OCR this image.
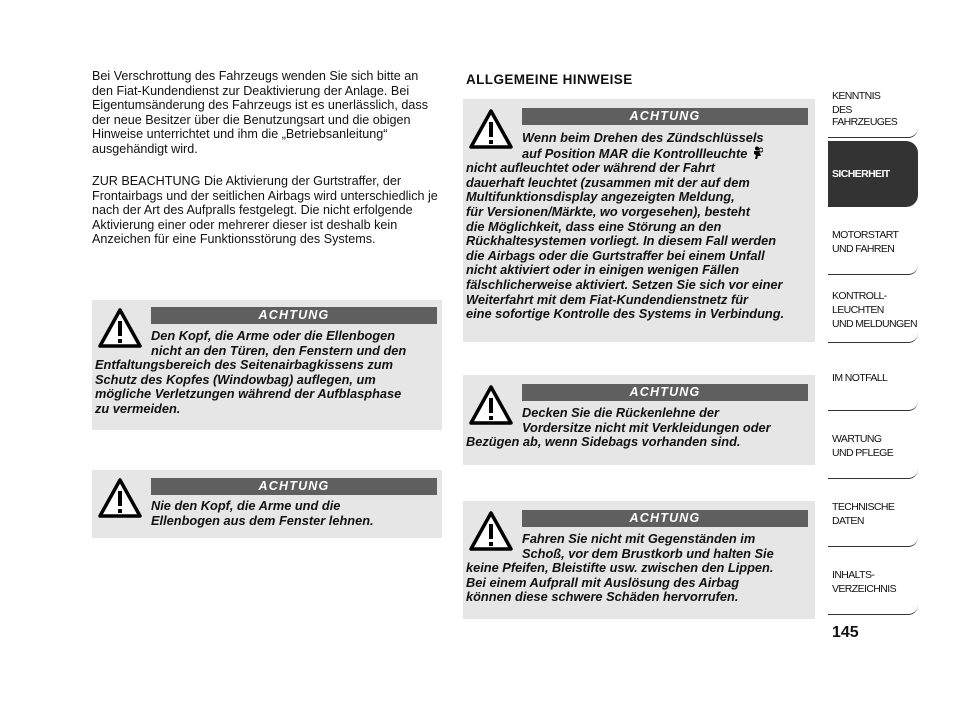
Bei Verschrottung des Fahrzeugs wenden Sie sich bitte an den Fiat-Kundendienst zur Deaktivierung der Anlage. Bei Eigentumsänderung des Fahrzeugs ist es unerlässlich, dass der neue Besitzer über die Benutzungsart und die obigen Hinweise unterrichtet und ihm die „Betriebsanleitung“ ausgehändigt wird.

ZUR BEACHTUNG Die Aktivierung der Gurtstraffer, der Frontairbags und der seitlichen Airbags wird unterschiedlich je nach der Art des Aufpralls festgelegt. Die nicht erfolgende Aktivierung einer oder mehrerer dieser ist deshalb kein Anzeichen für eine Funktionsstörung des Systems.

ACHTUNG

Den Kopf, die Arme oder die Ellenbogen
nicht an den Türen, den Fenstern und den
Entfaltungsbereich des Seitenairbagkissens zum
Schutz des Kopfes (Windowbag) auflegen, um
mögliche Verletzungen während der Aufblasphase
zu vermeiden.

ACHTUNG

Nie den Kopf, die Arme und die
Ellenbogen aus dem Fenster lehnen.

ALLGEMEINE HINWEISE
ACHTUNG

Wenn beim Drehen des Zündschlüssels
auf Position MAR die Kontrollleuchte
nicht aufleuchtet oder während der Fahrt
dauerhaft leuchtet (zusammen mit der auf dem
Multifunktionsdisplay angezeigten Meldung,
für Versionen/Märkte, wo vorgesehen), besteht
die Möglichkeit, dass eine Störung an den
Rückhaltesystemen vorliegt. In diesem Fall werden
die Airbags oder die Gurtstraffer bei einem Unfall
nicht aktiviert oder in einigen wenigen Fällen
fälschlicherweise aktiviert. Setzen Sie sich vor einer
Weiterfahrt mit dem Fiat-Kundendienstnetz für
eine sofortige Kontrolle des Systems in Verbindung.

ACHTUNG

Decken Sie die Rückenlehne der
Vordersitze nicht mit Verkleidungen oder
Bezügen ab, wenn Sidebags vorhanden sind.

ACHTUNG

Fahren Sie nicht mit Gegenständen im
Schoß, vor dem Brustkorb und halten Sie
keine Pfeifen, Bleistifte usw. zwischen den Lippen.
Bei einem Aufprall mit Auslösung des Airbag
können diese schwere Schäden hervorrufen.

KENNTNIS
DES FAHRZEUGES
SICHERHEIT
MOTORSTART
UND FAHREN
KONTROLL-
LEUCHTEN
UND MELDUNGEN
IM NOTFALL
WARTUNG
UND PFLEGE
TECHNISCHE
DATEN
INHALTS-
VERZEICHNIS

145
